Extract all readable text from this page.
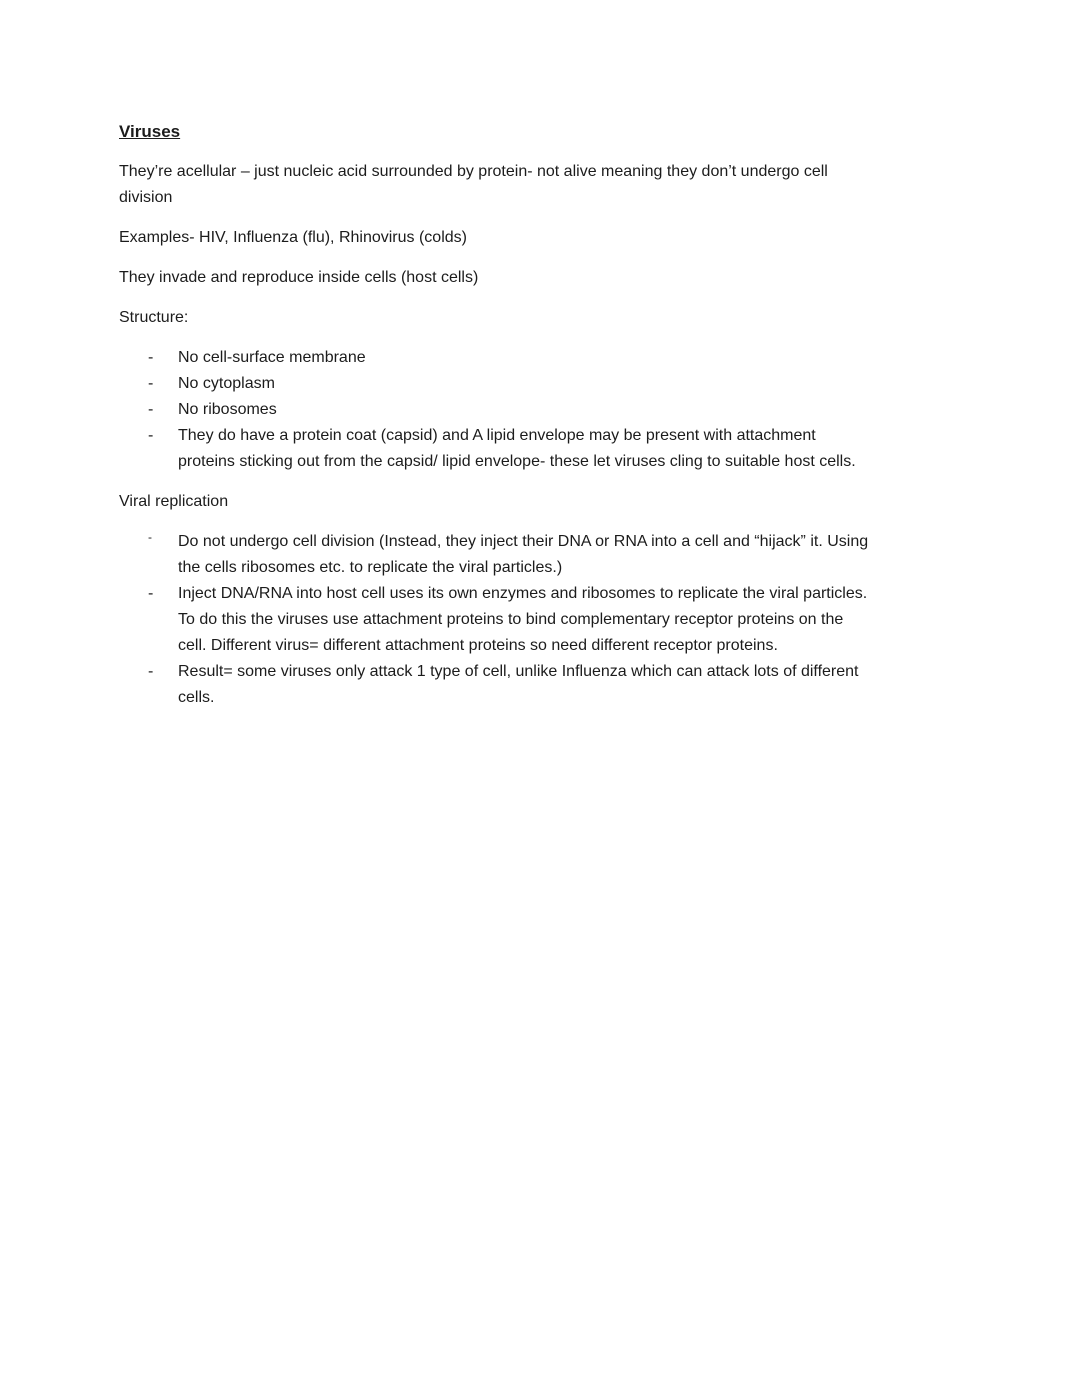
Viruses

They’re acellular – just nucleic acid surrounded by protein- not alive meaning they don’t undergo cell division

Examples- HIV, Influenza (flu), Rhinovirus (colds)

They invade and reproduce inside cells (host cells)

Structure:

-	No cell-surface membrane
-	No cytoplasm
-	No ribosomes
-	They do have a protein coat (capsid) and A lipid envelope may be present with attachment proteins sticking out from the capsid/ lipid envelope- these let viruses cling to suitable host cells.

Viral replication

-	Do not undergo cell division (Instead, they inject their DNA or RNA into a cell and “hijack” it. Using the cells ribosomes etc. to replicate the viral particles.)
-	Inject DNA/RNA into host cell uses its own enzymes and ribosomes to replicate the viral particles. To do this the viruses use attachment proteins to bind complementary receptor proteins on the cell. Different virus= different attachment proteins so need different receptor proteins.
-	Result= some viruses only attack 1 type of cell, unlike Influenza which can attack lots of different cells.
